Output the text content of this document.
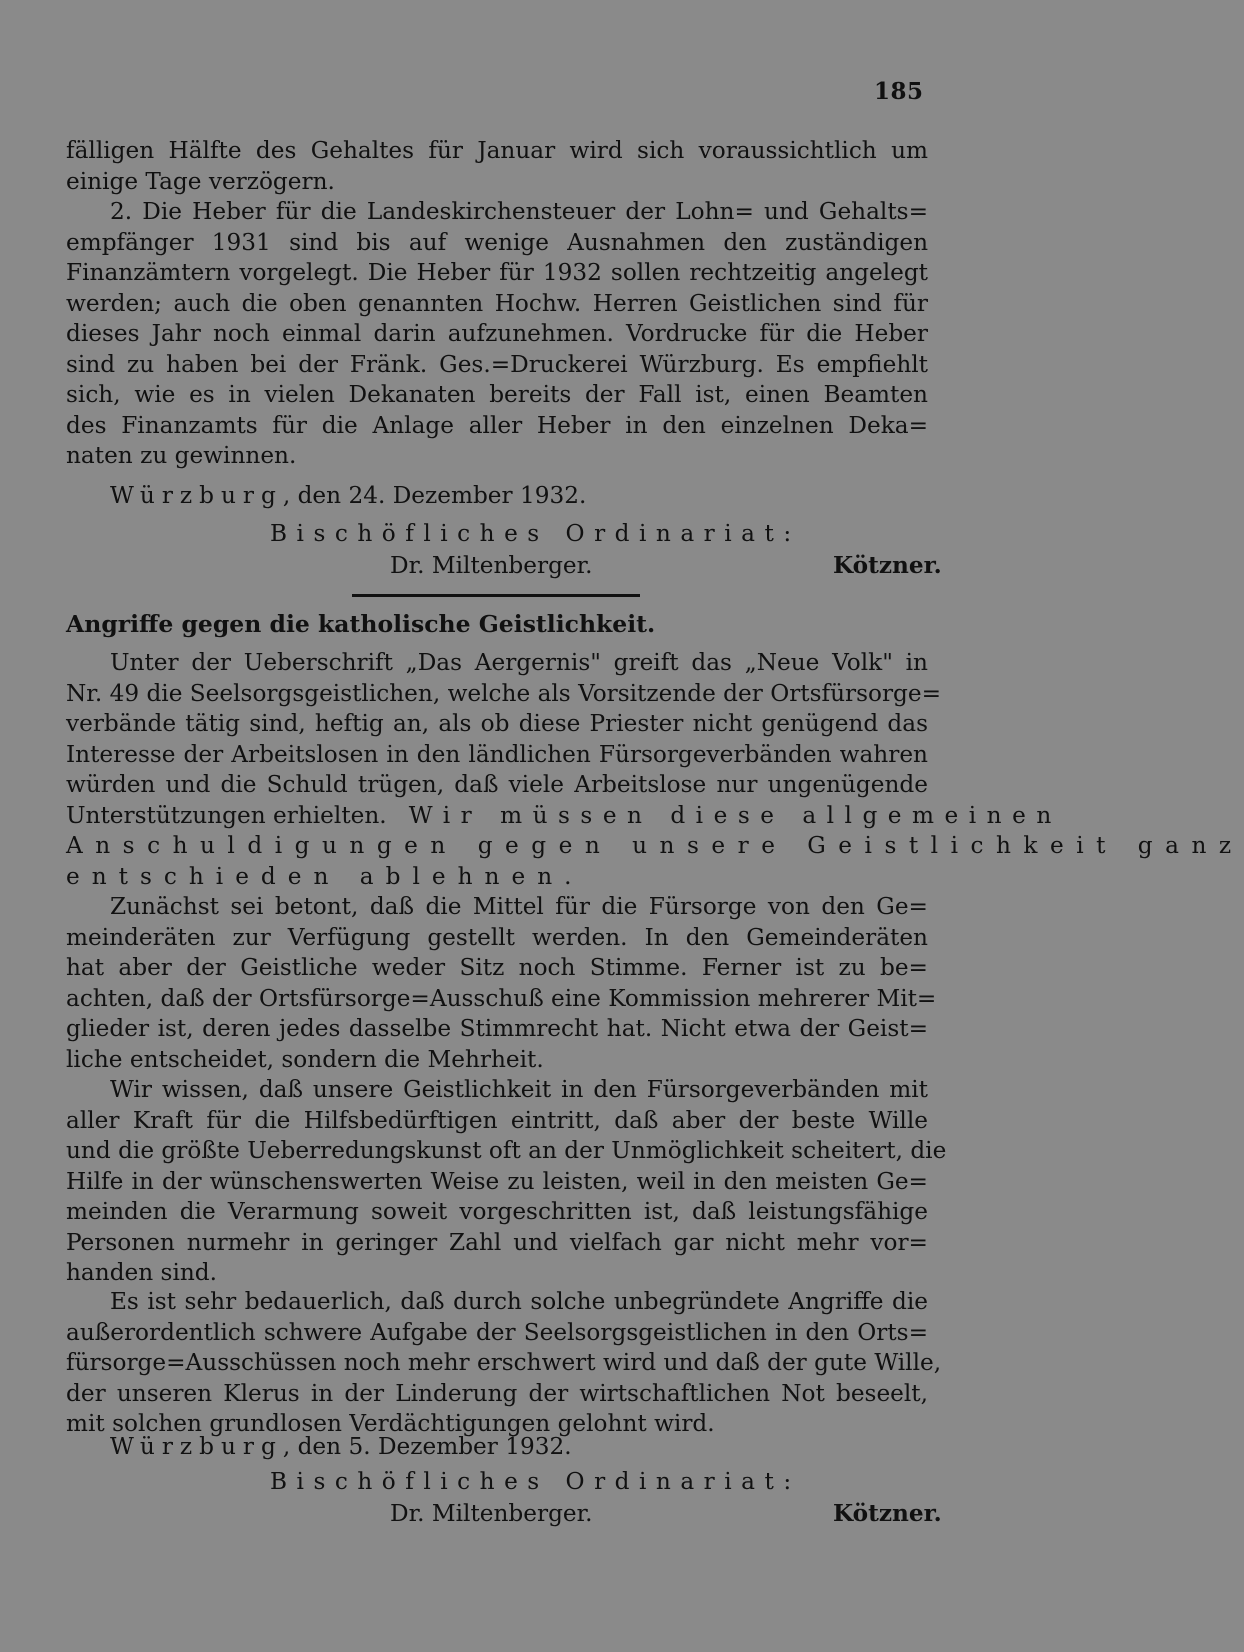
185
fälligen Hälfte des Gehaltes für Januar wird sich voraussichtlich um
einige Tage verzögern.
2. Die Heber für die Landeskirchensteuer der Lohn= und Gehalts=
empfänger 1931 sind bis auf wenige Ausnahmen den zuständigen
Finanzämtern vorgelegt. Die Heber für 1932 sollen rechtzeitig angelegt
werden; auch die oben genannten Hochw. Herren Geistlichen sind für
dieses Jahr noch einmal darin aufzunehmen. Vordrucke für die Heber
sind zu haben bei der Fränk. Ges.=Druckerei Würzburg. Es empfiehlt
sich, wie es in vielen Dekanaten bereits der Fall ist, einen Beamten
des Finanzamts für die Anlage aller Heber in den einzelnen Deka=
naten zu gewinnen.
Würzburg, den 24. Dezember 1932.
Bischöfliches Ordinariat:
Dr. Miltenberger.	Kötzner.
Angriffe gegen die katholische Geistlichkeit.
Unter der Ueberschrift „Das Aergernis" greift das „Neue Volk" in
Nr. 49 die Seelsorgsgeistlichen, welche als Vorsitzende der Ortsfürsorge=
verbände tätig sind, heftig an, als ob diese Priester nicht genügend das
Interesse der Arbeitslosen in den ländlichen Fürsorgeverbänden wahren
würden und die Schuld trügen, daß viele Arbeitslose nur ungenügende
Unterstützungen erhielten. Wir müssen diese allgemeinen
Anschuldigungen gegen unsere Geistlichkeit ganz
entschieden ablehnen.
Zunächst sei betont, daß die Mittel für die Fürsorge von den Ge=
meinderäten zur Verfügung gestellt werden. In den Gemeinderäten
hat aber der Geistliche weder Sitz noch Stimme. Ferner ist zu be=
achten, daß der Ortsfürsorge=Ausschuß eine Kommission mehrerer Mit=
glieder ist, deren jedes dasselbe Stimmrecht hat. Nicht etwa der Geist=
liche entscheidet, sondern die Mehrheit.
Wir wissen, daß unsere Geistlichkeit in den Fürsorgeverbänden mit
aller Kraft für die Hilfsbedürftigen eintritt, daß aber der beste Wille
und die größte Ueberredungskunst oft an der Unmöglichkeit scheitert, die
Hilfe in der wünschenswerten Weise zu leisten, weil in den meisten Ge=
meinden die Verarmung soweit vorgeschritten ist, daß leistungsfähige
Personen nurmehr in geringer Zahl und vielfach gar nicht mehr vor=
handen sind.
Es ist sehr bedauerlich, daß durch solche unbegründete Angriffe die
außerordentlich schwere Aufgabe der Seelsorgsgeistlichen in den Orts=
fürsorge=Ausschüssen noch mehr erschwert wird und daß der gute Wille,
der unseren Klerus in der Linderung der wirtschaftlichen Not beseelt,
mit solchen grundlosen Verdächtigungen gelohnt wird.
Würzburg, den 5. Dezember 1932.
Bischöfliches Ordinariat:
Dr. Miltenberger.	Kötzner.
